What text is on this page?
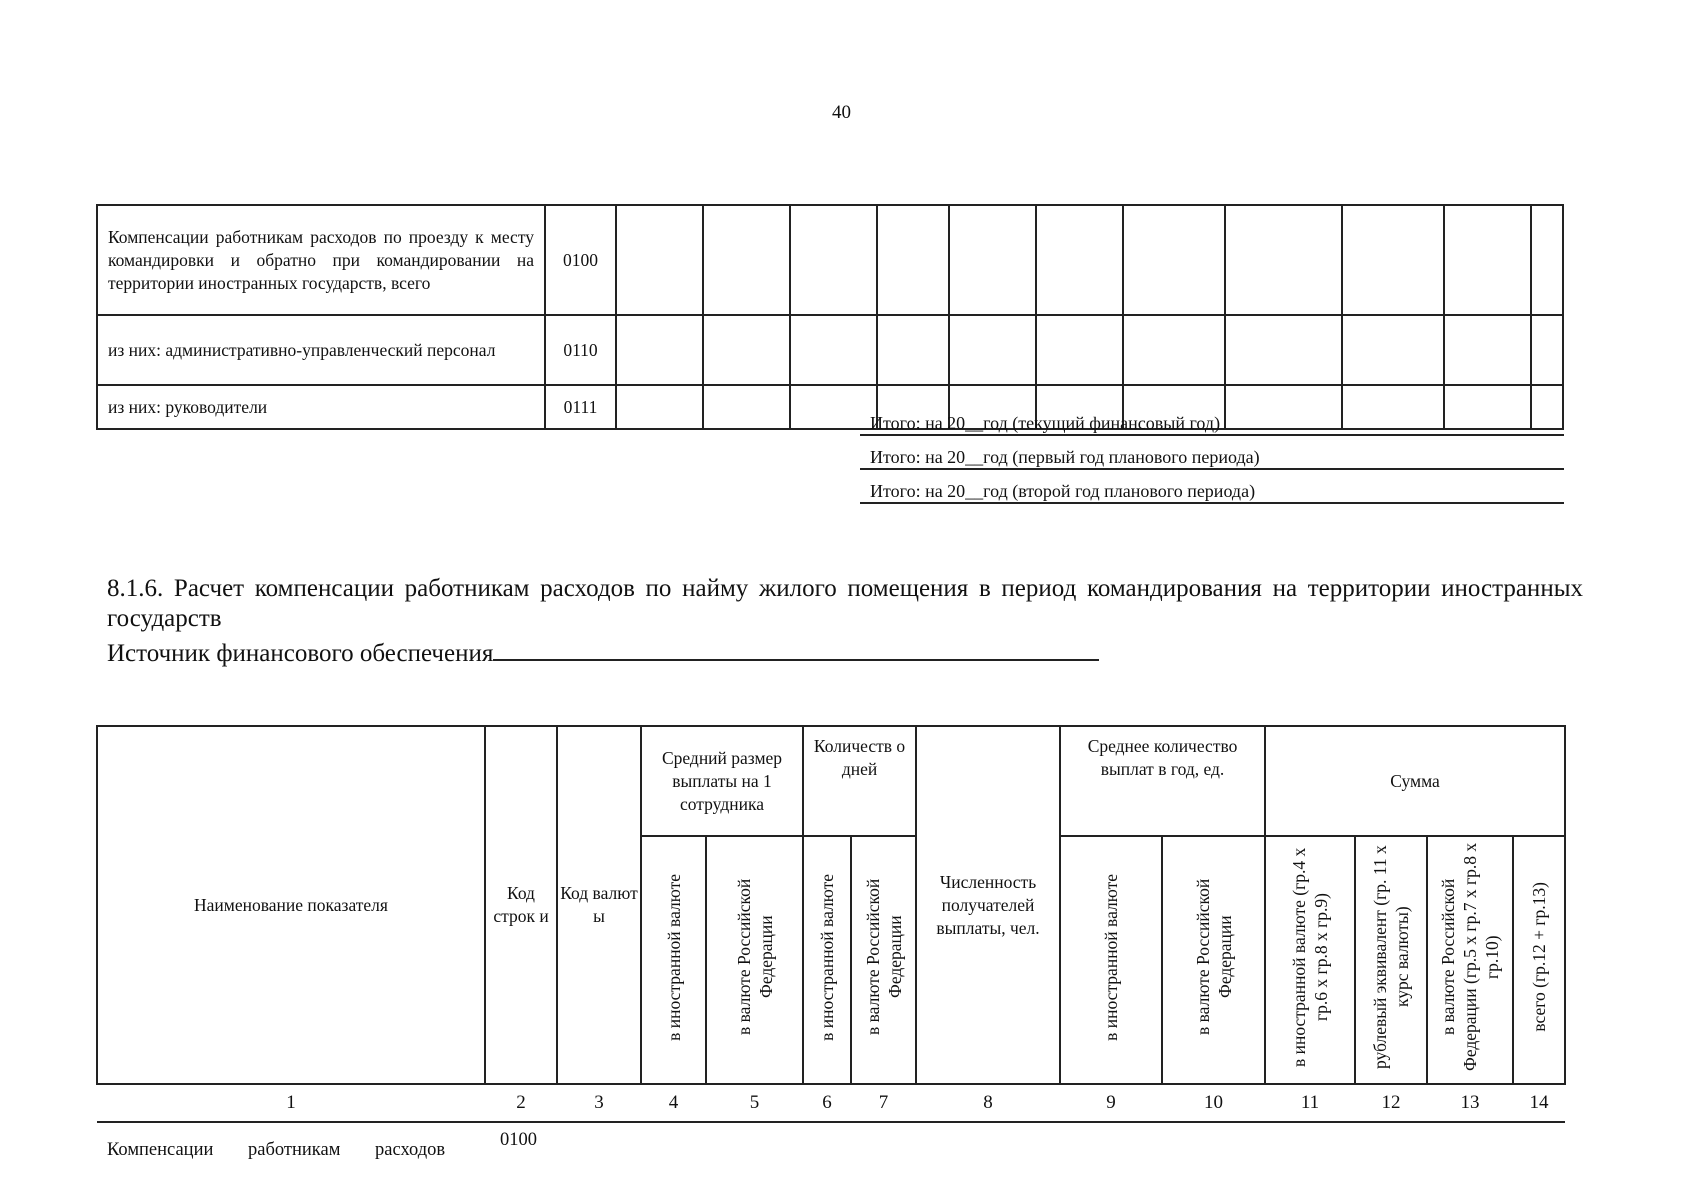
40
Компенсации работникам расходов по проезду к месту командировки и обратно при командировании на территории иностранных государств, всего	0100											
из них: административно-управленческий персонал	0110											
из них: руководители	0111											
Итого: на 20__год (текущий финансовый год)
Итого: на 20__год (первый год планового периода)
Итого: на 20__год (второй год планового периода)
8.1.6. Расчет компенсации работникам расходов по найму жилого помещения в период командирования на территории иностранных государств
Источник финансового обеспечения
Наименование показателя	Код строк и	Код валют ы	Средний размер выплаты на 1 сотрудника		Количеств о дней		Численность получателей выплаты, чел.	Среднее количество выплат в год, ед.		Сумма			
			в иностранной валюте	в валюте Российской Федерации	в иностранной валюте	в валюте Российской Федерации		в иностранной валюте	в валюте Российской Федерации	в иностранной валюте (гр.4 х гр.6 х гр.8 х гр.9)	рублевый эквивалент (гр. 11 х курс валюты)	в валюте Российской Федерации (гр.5 х гр.7 х гр.8 х гр.10)	всего (гр.12 + гр.13)
1	2	3	4	5	6	7	8	9	10	11	12	13	14
Компенсации работникам расходов	0100
